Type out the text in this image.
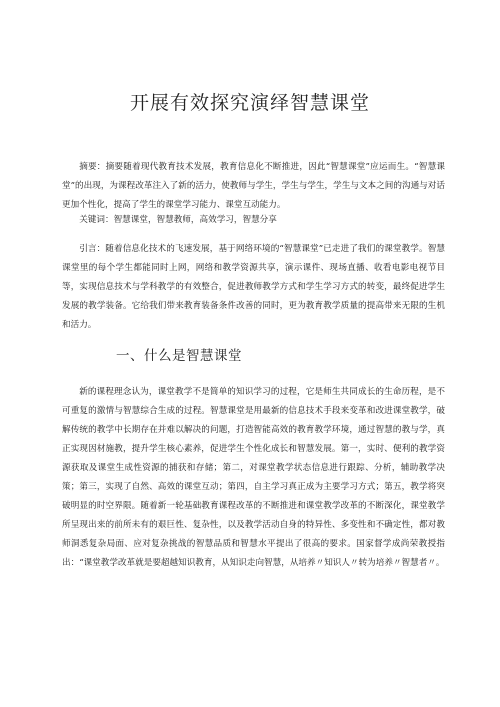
开展有效探究演绎智慧课堂

摘要：摘要随着现代教育技术发展，教育信息化不断推进，因此“智慧课堂”应运而生。“智慧课堂”的出现，为课程改革注入了新的活力，使教师与学生，学生与学生，学生与文本之间的沟通与对话更加个性化，提高了学生的课堂学习能力、课堂互动能力。

关键词：智慧课堂，智慧教师，高效学习，智慧分享

引言：随着信息化技术的飞速发展，基于网络环境的“智慧课堂”已走进了我们的课堂教学。智慧课堂里的每个学生都能同时上网，网络和教学资源共享，演示课件、现场直播、收看电影电视节目等，实现信息技术与学科教学的有效整合，促进教师教学方式和学生学习方式的转变，最终促进学生发展的教学装备。它给我们带来教育装备条件改善的同时，更为教育教学质量的提高带来无限的生机和活力。

一、什么是智慧课堂

新的课程理念认为，课堂教学不是简单的知识学习的过程，它是师生共同成长的生命历程，是不可重复的激情与智慧综合生成的过程。智慧课堂是用最新的信息技术手段来变革和改进课堂教学，破解传统的教学中长期存在并难以解决的问题，打造智能高效的教育教学环境，通过智慧的教与学，真正实现因材施教，提升学生核心素养，促进学生个性化成长和智慧发展。第一，实时、便利的教学资源获取及课堂生成性资源的捕获和存储；第二，对课堂教学状态信息进行跟踪、分析，辅助教学决策；第三，实现了自然、高效的课堂互动；第四，自主学习真正成为主要学习方式；第五，教学将突破明显的时空界限。随着新一轮基础教育课程改革的不断推进和课堂教学改革的不断深化，课堂教学所呈现出来的前所未有的艰巨性、复杂性，以及教学活动自身的特异性、多变性和不确定性，都对教师洞悉复杂局面、应对复杂挑战的智慧品质和智慧水平提出了很高的要求。国家督学成尚荣教授指出：“课堂教学改革就是要超越知识教育，从知识走向智慧，从培养〃知识人〃转为培养〃智慧者〃。
